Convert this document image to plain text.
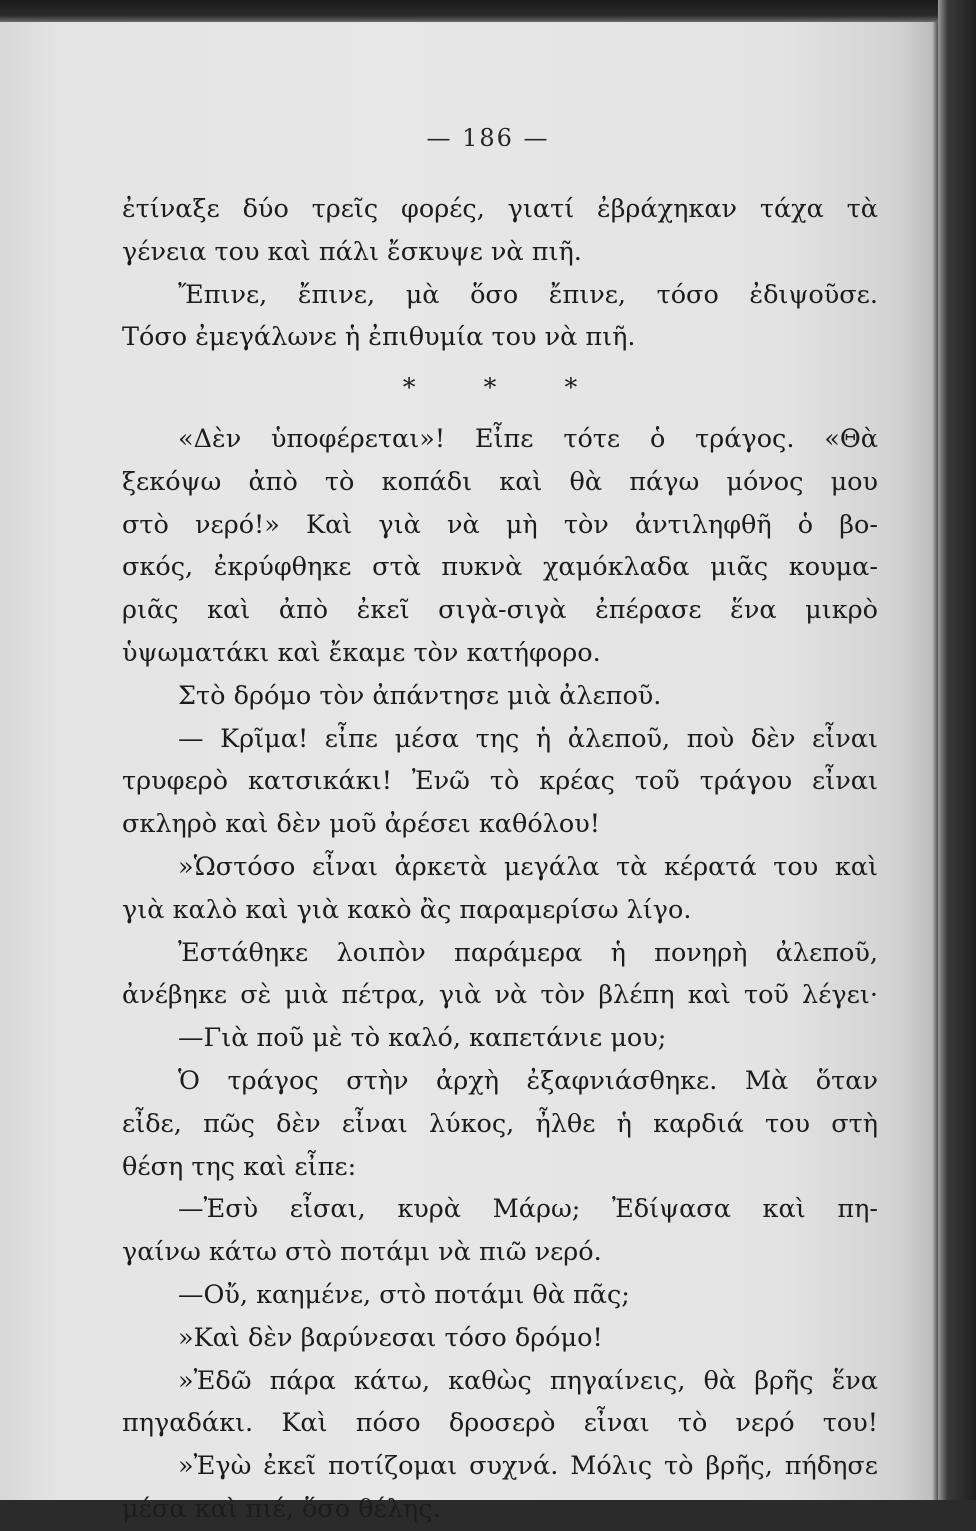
— 186 —
ἐτίναξε δύο τρεῖς φορές, γιατί ἐβράχηκαν τάχα τὰ
γένεια του καὶ πάλι ἔσκυψε νὰ πιῆ.
Ἔπινε, ἔπινε, μὰ ὅσο ἔπινε, τόσο ἐδιψοῦσε.
Τόσο ἐμεγάλωνε ἡ ἐπιθυμία του νὰ πιῆ.
* * *
«Δὲν ὑποφέρεται»! Εἶπε τότε ὁ τράγος. «Θὰ
ξεκόψω ἀπὸ τὸ κοπάδι καὶ θὰ πάγω μόνος μου
στὸ νερό!» Καὶ γιὰ νὰ μὴ τὸν ἀντιληφθῆ ὁ βο-
σκός, ἐκρύφθηκε στὰ πυκνὰ χαμόκλαδα μιᾶς κουμα-
ριᾶς καὶ ἀπὸ ἐκεῖ σιγὰ-σιγὰ ἐπέρασε ἕνα μικρὸ
ὑψωματάκι καὶ ἔκαμε τὸν κατήφορο.
Στὸ δρόμο τὸν ἀπάντησε μιὰ ἀλεποῦ.
— Κρῖμα! εἶπε μέσα της ἡ ἀλεποῦ, ποὺ δὲν εἶναι
τρυφερὸ κατσικάκι! Ἐνῶ τὸ κρέας τοῦ τράγου εἶναι
σκληρὸ καὶ δὲν μοῦ ἀρέσει καθόλου!
»Ὡστόσο εἶναι ἀρκετὰ μεγάλα τὰ κέρατά του καὶ
γιὰ καλὸ καὶ γιὰ κακὸ ἂς παραμερίσω λίγο.
Ἐστάθηκε λοιπὸν παράμερα ἡ πονηρὴ ἀλεποῦ,
ἀνέβηκε σὲ μιὰ πέτρα, γιὰ νὰ τὸν βλέπη καὶ τοῦ λέγει·
—Γιὰ ποῦ μὲ τὸ καλό, καπετάνιε μου;
Ὁ τράγος στὴν ἀρχὴ ἐξαφνιάσθηκε. Μὰ ὅταν
εἶδε, πῶς δὲν εἶναι λύκος, ἦλθε ἡ καρδιά του στὴ
θέση της καὶ εἶπε:
—Ἐσὺ εἶσαι, κυρὰ Μάρω; Ἐδίψασα καὶ πη-
γαίνω κάτω στὸ ποτάμι νὰ πιῶ νερό.
—Οὔ, καημένε, στὸ ποτάμι θὰ πᾶς;
»Καὶ δὲν βαρύνεσαι τόσο δρόμο!
»Ἐδῶ πάρα κάτω, καθὼς πηγαίνεις, θὰ βρῆς ἕνα
πηγαδάκι. Καὶ πόσο δροσερὸ εἶναι τὸ νερό του!
»Ἐγὼ ἐκεῖ ποτίζομαι συχνά. Μόλις τὸ βρῆς, πήδησε
μέσα καὶ πιέ, ὅσο θέλης.
